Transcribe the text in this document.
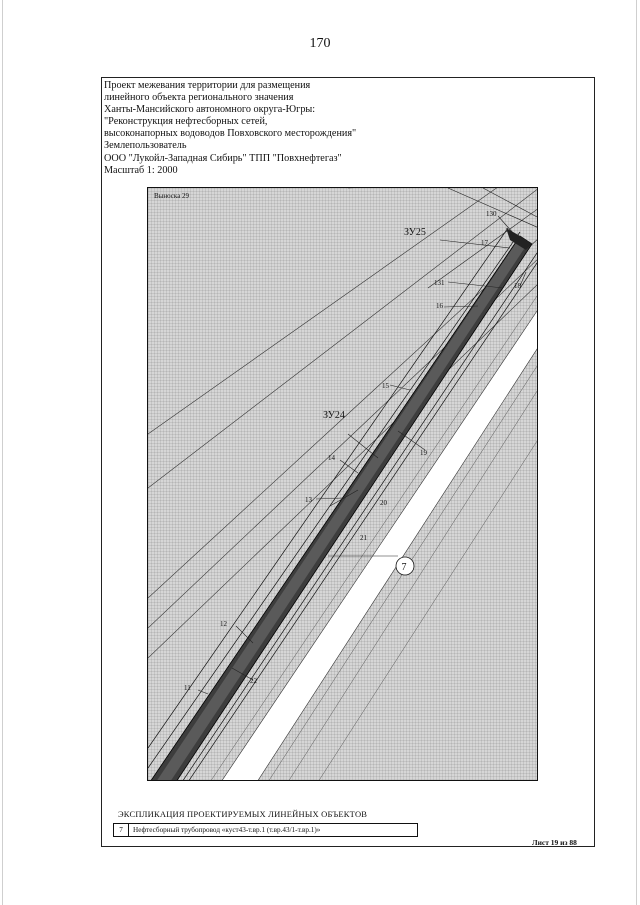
170
Проект межевания территории для размещения
линейного объекта регионального значения
Ханты-Мансийского автономного округа-Югры:
"Реконструкция нефтесборных сетей,
высоконапорных водоводов Повховского месторождения"
Землепользователь
ООО "Лукойл-Западная Сибирь" ТПП "Повхнефтегаз"
Масштаб 1: 2000
Выноска 29
ЗУ25
ЗУ24
130
17
131	18
16
15
19
14
20
13
21
12
22
11
7
ЭКСПЛИКАЦИЯ ПРОЕКТИРУЕМЫХ ЛИНЕЙНЫХ ОБЪЕКТОВ
7	Нефтесборный трубопровод «куст43-т.вр.1 (т.вр.43/1-т.вр.1)»
Лист 19 из 88
